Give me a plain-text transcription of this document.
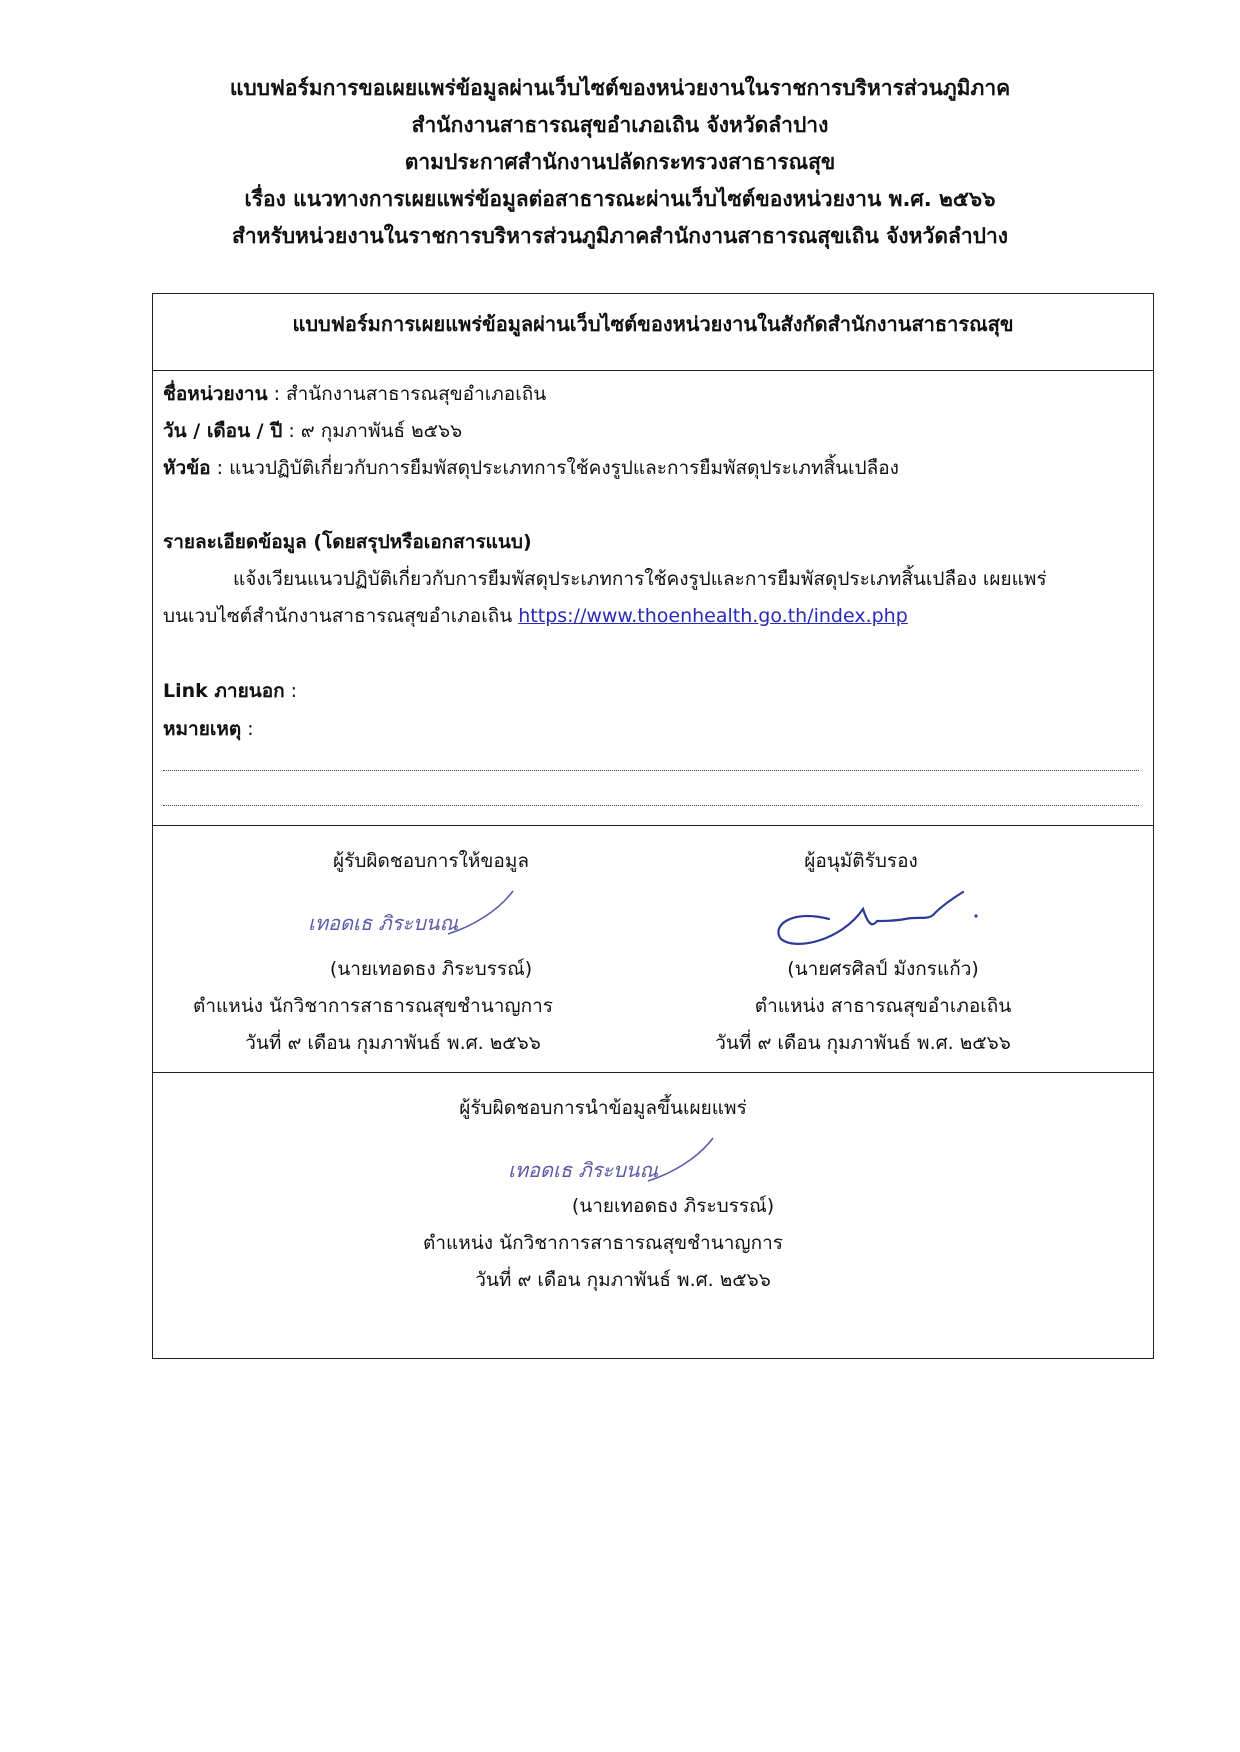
แบบฟอร์มการขอเผยแพร่ข้อมูลผ่านเว็บไซต์ของหน่วยงานในราชการบริหารส่วนภูมิภาค
สำนักงานสาธารณสุขอำเภอเถิน จังหวัดลำปาง
ตามประกาศสำนักงานปลัดกระทรวงสาธารณสุข
เรื่อง แนวทางการเผยแพร่ข้อมูลต่อสาธารณะผ่านเว็บไซต์ของหน่วยงาน พ.ศ. ๒๕๖๖
สำหรับหน่วยงานในราชการบริหารส่วนภูมิภาคสำนักงานสาธารณสุขเถิน จังหวัดลำปาง
แบบฟอร์มการเผยแพร่ข้อมูลผ่านเว็บไซต์ของหน่วยงานในสังกัดสำนักงานสาธารณสุข
ชื่อหน่วยงาน : สำนักงานสาธารณสุขอำเภอเถิน
วัน / เดือน / ปี : ๙ กุมภาพันธ์ ๒๕๖๖
หัวข้อ : แนวปฏิบัติเกี่ยวกับการยืมพัสดุประเภทการใช้คงรูปและการยืมพัสดุประเภทสิ้นเปลือง
รายละเอียดข้อมูล (โดยสรุปหรือเอกสารแนบ)
แจ้งเวียนแนวปฏิบัติเกี่ยวกับการยืมพัสดุประเภทการใช้คงรูปและการยืมพัสดุประเภทสิ้นเปลือง เผยแพร่
บนเวบไซต์สำนักงานสาธารณสุขอำเภอเถิน https://www.thoenhealth.go.th/index.php
Link ภายนอก :
หมายเหตุ :
ผู้รับผิดชอบการให้ขอมูล
เทอดเธ ภิระบนณ
(นายเทอดธง ภิระบรรณ์)
ตำแหน่ง นักวิชาการสาธารณสุขชำนาญการ
วันที่ ๙ เดือน กุมภาพันธ์ พ.ศ. ๒๕๖๖
ผู้อนุมัติรับรอง
(นายศรศิลป์ มังกรแก้ว)
ตำแหน่ง สาธารณสุขอำเภอเถิน
วันที่ ๙ เดือน กุมภาพันธ์ พ.ศ. ๒๕๖๖
ผู้รับผิดชอบการนำข้อมูลขึ้นเผยแพร่
เทอดเธ ภิระบนณ
(นายเทอดธง ภิระบรรณ์)
ตำแหน่ง นักวิชาการสาธารณสุขชำนาญการ
วันที่ ๙ เดือน กุมภาพันธ์ พ.ศ. ๒๕๖๖
